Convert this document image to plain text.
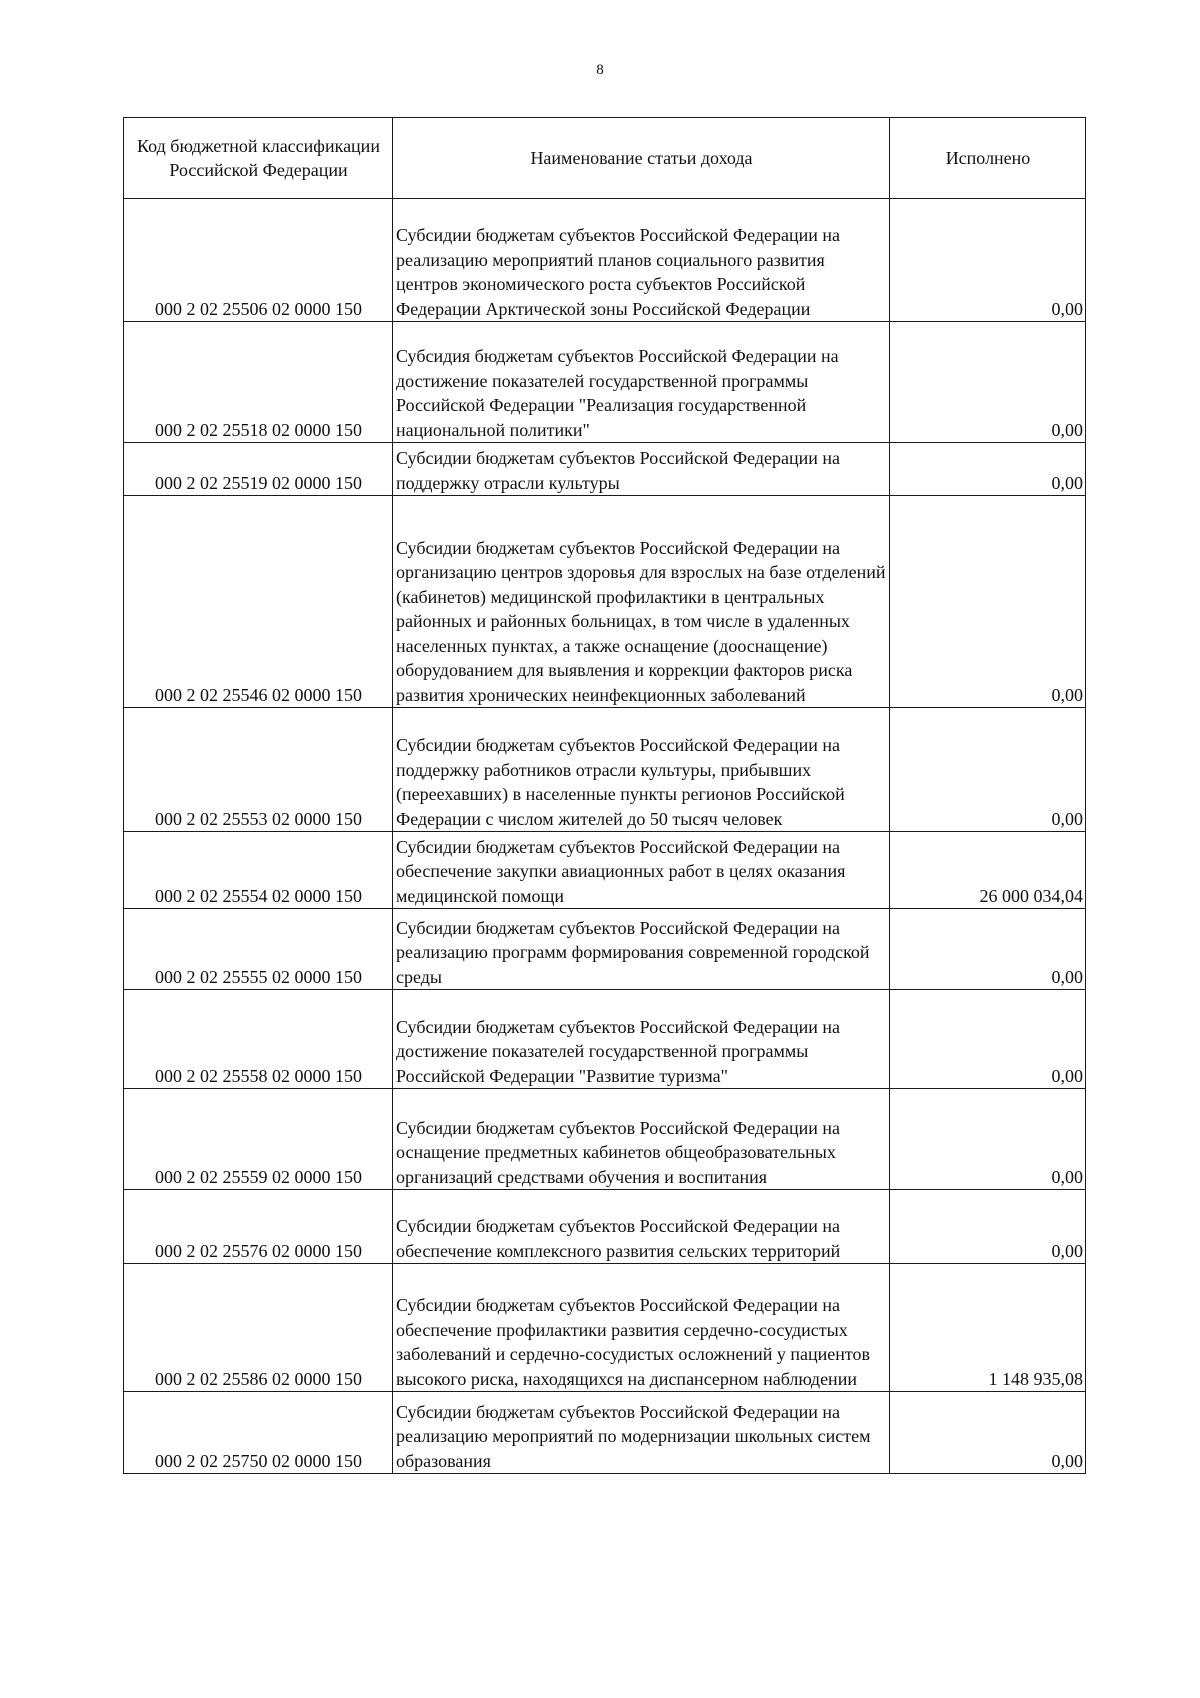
8
Код бюджетной классификации Российской Федерации	Наименование статьи дохода	Исполнено
000 2 02 25506 02 0000 150	Субсидии бюджетам субъектов Российской Федерации на реализацию мероприятий планов социального развития центров экономического роста субъектов Российской Федерации Арктической зоны Российской Федерации	0,00
000 2 02 25518 02 0000 150	Субсидия бюджетам субъектов Российской Федерации на достижение показателей государственной программы Российской Федерации "Реализация государственной национальной политики"	0,00
000 2 02 25519 02 0000 150	Субсидии бюджетам субъектов Российской Федерации на поддержку отрасли культуры	0,00
000 2 02 25546 02 0000 150	Субсидии бюджетам субъектов Российской Федерации на организацию центров здоровья для взрослых на базе отделений (кабинетов) медицинской профилактики в центральных районных и районных больницах, в том числе в удаленных населенных пунктах, а также оснащение (дооснащение) оборудованием для выявления и коррекции факторов риска развития хронических неинфекционных заболеваний	0,00
000 2 02 25553 02 0000 150	Субсидии бюджетам субъектов Российской Федерации на поддержку работников отрасли культуры, прибывших (переехавших) в населенные пункты регионов Российской Федерации с числом жителей до 50 тысяч человек	0,00
000 2 02 25554 02 0000 150	Субсидии бюджетам субъектов Российской Федерации на обеспечение закупки авиационных работ в целях оказания медицинской помощи	26 000 034,04
000 2 02 25555 02 0000 150	Субсидии бюджетам субъектов Российской Федерации на реализацию программ формирования современной городской среды	0,00
000 2 02 25558 02 0000 150	Субсидии бюджетам субъектов Российской Федерации на достижение показателей государственной программы Российской Федерации "Развитие туризма"	0,00
000 2 02 25559 02 0000 150	Субсидии бюджетам субъектов Российской Федерации на оснащение предметных кабинетов общеобразовательных организаций средствами обучения и воспитания	0,00
000 2 02 25576 02 0000 150	Субсидии бюджетам субъектов Российской Федерации на обеспечение комплексного развития сельских территорий	0,00
000 2 02 25586 02 0000 150	Субсидии бюджетам субъектов Российской Федерации на обеспечение профилактики развития сердечно-сосудистых заболеваний и сердечно-сосудистых осложнений у пациентов высокого риска, находящихся на диспансерном наблюдении	1 148 935,08
000 2 02 25750 02 0000 150	Субсидии бюджетам субъектов Российской Федерации на реализацию мероприятий по модернизации школьных систем образования	0,00
